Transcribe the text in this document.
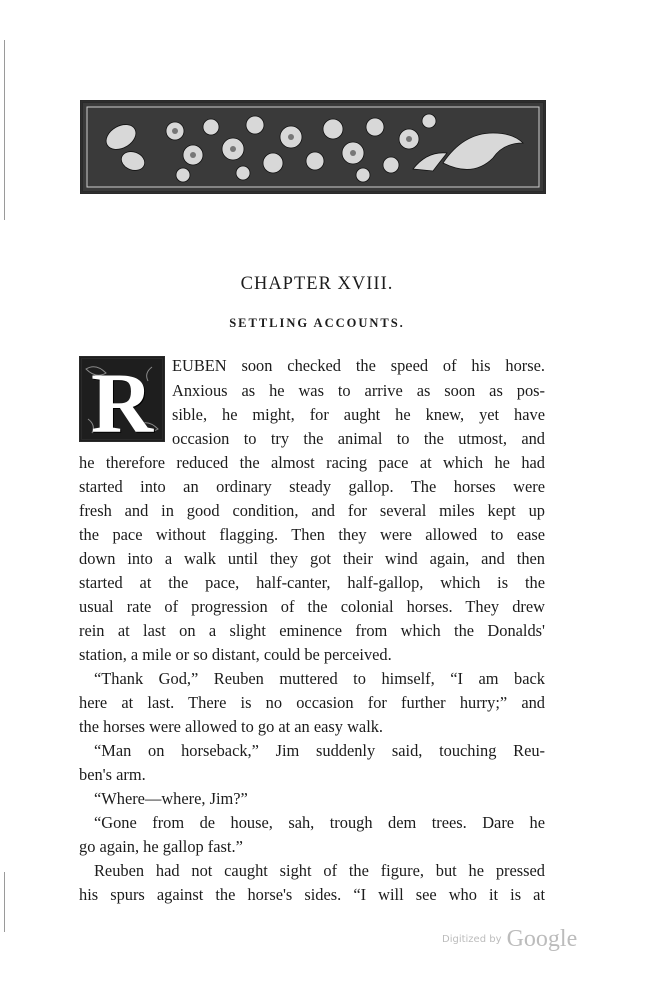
CHAPTER XVIII.
SETTLING ACCOUNTS.
R	EUBEN soon checked the speed of his horse.
Anxious as he was to arrive as soon as pos-
sible, he might, for aught he knew, yet have
occasion to try the animal to the utmost, and
he therefore reduced the almost racing pace at which he had
started into an ordinary steady gallop. The horses were
fresh and in good condition, and for several miles kept up
the pace without flagging. Then they were allowed to ease
down into a walk until they got their wind again, and then
started at the pace, half-canter, half-gallop, which is the
usual rate of progression of the colonial horses. They drew
rein at last on a slight eminence from which the Donalds'
station, a mile or so distant, could be perceived.
“Thank God,” Reuben muttered to himself, “I am back
here at last. There is no occasion for further hurry;” and
the horses were allowed to go at an easy walk.
“Man on horseback,” Jim suddenly said, touching Reu-
ben's arm.
“Where—where, Jim?”
“Gone from de house, sah, trough dem trees. Dare he
go again, he gallop fast.”
Reuben had not caught sight of the figure, but he pressed
his spurs against the horse's sides. “I will see who it is at
Digitized by Google
